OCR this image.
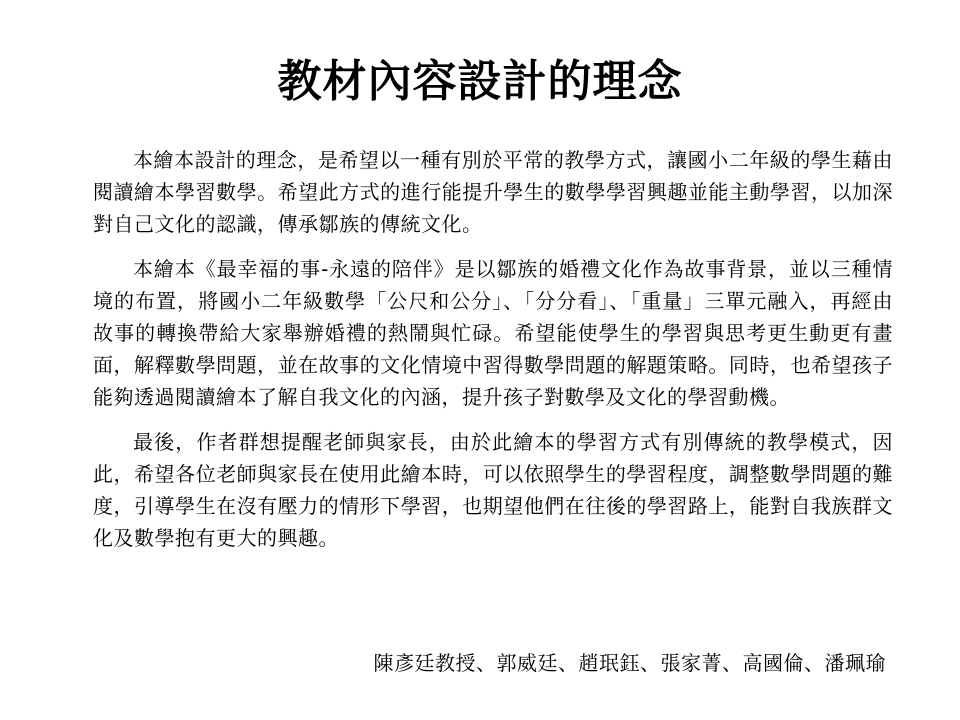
教材內容設計的理念

本繪本設計的理念，是希望以一種有別於平常的教學方式，讓國小二年級的學生藉由閱讀繪本學習數學。希望此方式的進行能提升學生的數學學習興趣並能主動學習，以加深對自己文化的認識，傳承鄒族的傳統文化。

本繪本《最幸福的事-永遠的陪伴》是以鄒族的婚禮文化作為故事背景，並以三種情境的布置，將國小二年級數學「公尺和公分」、「分分看」、「重量」三單元融入，再經由故事的轉換帶給大家舉辦婚禮的熱鬧與忙碌。希望能使學生的學習與思考更生動更有畫面，解釋數學問題，並在故事的文化情境中習得數學問題的解題策略。同時，也希望孩子能夠透過閱讀繪本了解自我文化的內涵，提升孩子對數學及文化的學習動機。

最後，作者群想提醒老師與家長，由於此繪本的學習方式有別傳統的教學模式，因此，希望各位老師與家長在使用此繪本時，可以依照學生的學習程度，調整數學問題的難度，引導學生在沒有壓力的情形下學習，也期望他們在往後的學習路上，能對自我族群文化及數學抱有更大的興趣。

陳彥廷教授、郭威廷、趙珉鈺、張家菁、高國倫、潘珮瑜
